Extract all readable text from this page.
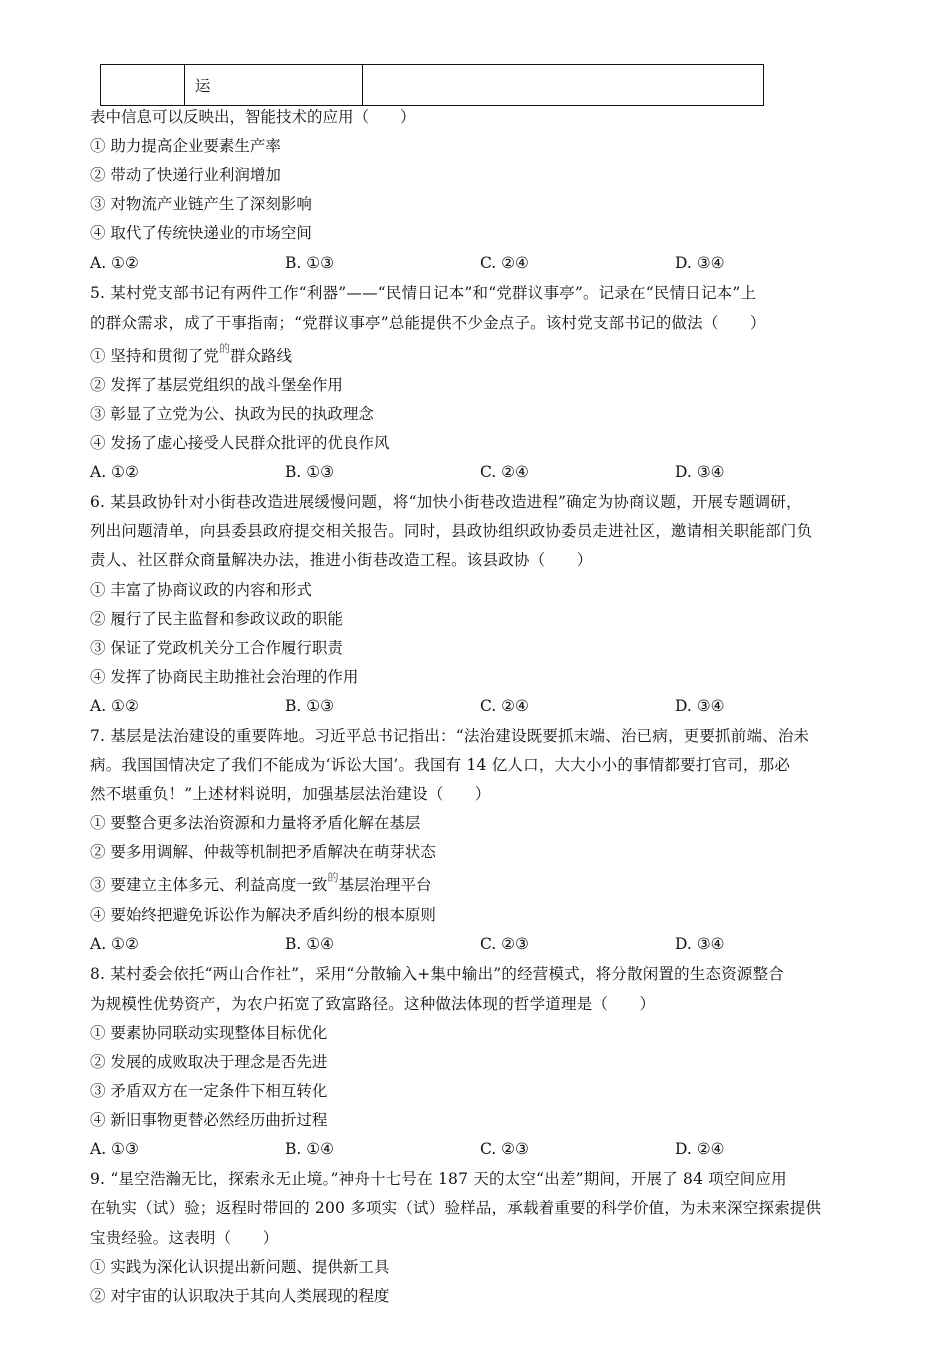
	运	
表中信息可以反映出，智能技术的应用（　　）
① 助力提高企业要素生产率
② 带动了快递行业利润增加
③ 对物流产业链产生了深刻影响
④ 取代了传统快递业的市场空间
A. ①②	B. ①③	C. ②④	D. ③④
5. 某村党支部书记有两件工作“利器”——“民情日记本”和“党群议事亭”。记录在“民情日记本”上
的群众需求，成了干事指南；“党群议事亭”总能提供不少金点子。该村党支部书记的做法（　　）
① 坚持和贯彻了党$^的$群众路线
② 发挥了基层党组织的战斗堡垒作用
③ 彰显了立党为公、执政为民的执政理念
④ 发扬了虚心接受人民群众批评的优良作风
A. ①②	B. ①③	C. ②④	D. ③④
6. 某县政协针对小街巷改造进展缓慢问题，将“加快小街巷改造进程”确定为协商议题，开展专题调研，
列出问题清单，向县委县政府提交相关报告。同时，县政协组织政协委员走进社区，邀请相关职能部门负
责人、社区群众商量解决办法，推进小街巷改造工程。该县政协（　　）
① 丰富了协商议政的内容和形式
② 履行了民主监督和参政议政的职能
③ 保证了党政机关分工合作履行职责
④ 发挥了协商民主助推社会治理的作用
A. ①②	B. ①③	C. ②④	D. ③④
7. 基层是法治建设的重要阵地。习近平总书记指出：“法治建设既要抓末端、治已病，更要抓前端、治未
病。我国国情决定了我们不能成为‘诉讼大国’。我国有 14 亿人口，大大小小的事情都要打官司，那必
然不堪重负！”上述材料说明，加强基层法治建设（　　）
① 要整合更多法治资源和力量将矛盾化解在基层
② 要多用调解、仲裁等机制把矛盾解决在萌芽状态
③ 要建立主体多元、利益高度一致$^的$基层治理平台
④ 要始终把避免诉讼作为解决矛盾纠纷的根本原则
A. ①②	B. ①④	C. ②③	D. ③④
8. 某村委会依托“两山合作社”，采用“分散输入+集中输出”的经营模式，将分散闲置的生态资源整合
为规模性优势资产，为农户拓宽了致富路径。这种做法体现的哲学道理是（　　）
① 要素协同联动实现整体目标优化
② 发展的成败取决于理念是否先进
③ 矛盾双方在一定条件下相互转化
④ 新旧事物更替必然经历曲折过程
A. ①③	B. ①④	C. ②③	D. ②④
9. “星空浩瀚无比，探索永无止境。”神舟十七号在 187 天的太空“出差”期间，开展了 84 项空间应用
在轨实（试）验；返程时带回的 200 多项实（试）验样品，承载着重要的科学价值，为未来深空探索提供
宝贵经验。这表明（　　）
① 实践为深化认识提出新问题、提供新工具
② 对宇宙的认识取决于其向人类展现的程度
